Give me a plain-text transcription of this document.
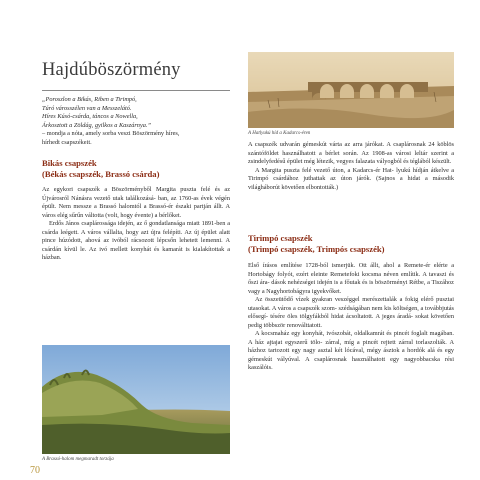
Hajdúböszörmény
„Poroszlon a Bikás, Riben a Tirimpó,
Túró városszélen van a Messzelátó.
Híres Kúsó-csárda, táncos a Nowella,
Árkosztott a Zöldág, gyilkos a Kaszárnya.”
– mondja a nóta, amely sorba veszi Böszörmény híres,
hírhedt csapszékeit.
Bikás csapszék
(Békás csapszék, Brassó csárda)

Az egykori csapszék a Böszörményből Margita puszta felé és az Újvárosról Nánásra vezető utak találkozásá- ban, az 1760-as évek végén épült. Nem messze a Brassó halomtól a Brassó-ér északi partján állt. A város elég sűrűn váltotta (volt, hogy évente) a bérlőket.

Erdős János csaplárossága idején, az ő gondatlansága miatt 1891-ben a csárda leégett. A város vállalta, hogy azt újra felépíti. Az új épület alatt pince húzódott, ahová az ivóból rácsozott lépcsőn lehetett lemenni. A csárdán kívül le. Az ivó mellett konyhát és kamarát is kialakítottak a házban.

A Brassó-halom megmaradt torzája
A Hatlyukú híd a Kadarcs-éren

A csapszék udvarán gémeskút várta az arra járókat. A csaplárosnak 24 köblös szántóföldet használhatott a bérlet során. Az 1908-as városi leltár szerint a zsindelyfedésű épület még létezik, vegyes falazata vályogból és téglából készült.

A Margita puszta felé vezető úton, a Kadarcs-ér Hat- lyukú hídján átkelve a Tirimpó csárdához juthattak az úton járók. (Sajnos a hidat a második világháborút követően elbontották.)

Tirimpó csapszék
(Trimpó csapszék, Trimpós csapszék)

Első írásos említése 1728-ból ismerjük. Ott állt, ahol a Remete-ér elérte a Hortobágy folyót, ezért eleinte Remetefoki kocsma néven említik. A tavaszi és őszi ára- dások nehézségei idején is a főutak és is böszörményi Rétbe, a Tiszához vagy a Nagyhortobágyra igyekvőket.

Az összeütődő vízek gyakran veszéggel merészettalák a fokig elérő pusztai utasokat. A város a csapszék szom- szédságában nem kis költségen, a továbbjutás elősegí- tésére öles tölgyfákból hidat ácsoltatott. A jeges áradá- sokat követően pedig többször renoválttatott.

A kocsmaház egy konyhát, ivószobát, oldalkamrát és pincét foglalt magában. A ház ajtajat egyszerű tölo- zárral, míg a pincét rejtett zárral torlaszolták. A házhoz tartozott egy nagy asztal két lócával, mégy ásztok a hordók alá és egy gémeskút vályúval. A csaplárosnak használhatott egy nagyobbacska rési kaszálóis.

70
